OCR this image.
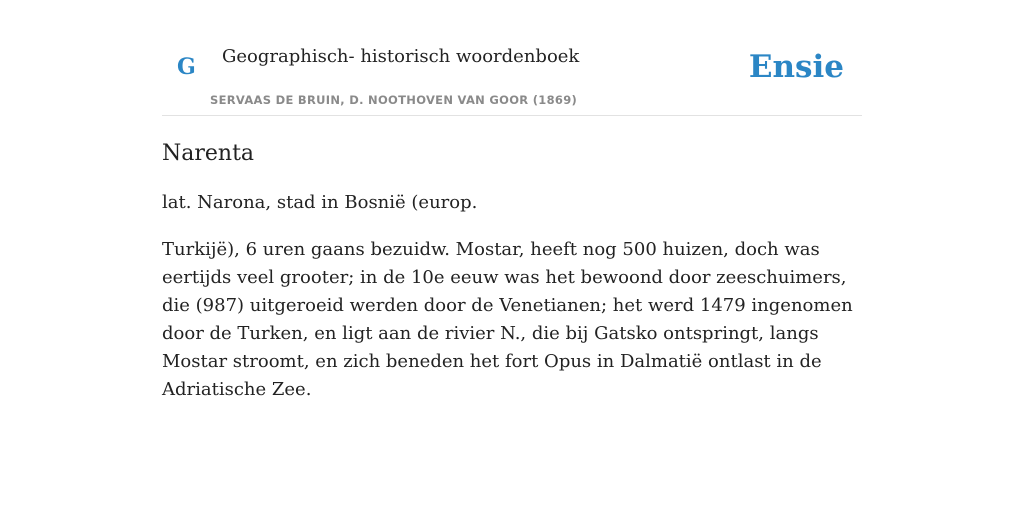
G Geographisch- historisch woordenboek
SERVAAS DE BRUIN, D. NOOTHOVEN VAN GOOR (1869)
Ensie
Narenta

lat. Narona, stad in Bosnië (europ.

Turkijë), 6 uren gaans bezuidw. Mostar, heeft nog 500 huizen, doch was eertijds veel grooter; in de 10e eeuw was het bewoond door zeeschuimers, die (987) uitgeroeid werden door de Venetianen; het werd 1479 ingenomen door de Turken, en ligt aan de rivier N., die bij Gatsko ontspringt, langs Mostar stroomt, en zich beneden het fort Opus in Dalmatië ontlast in de Adriatische Zee.
